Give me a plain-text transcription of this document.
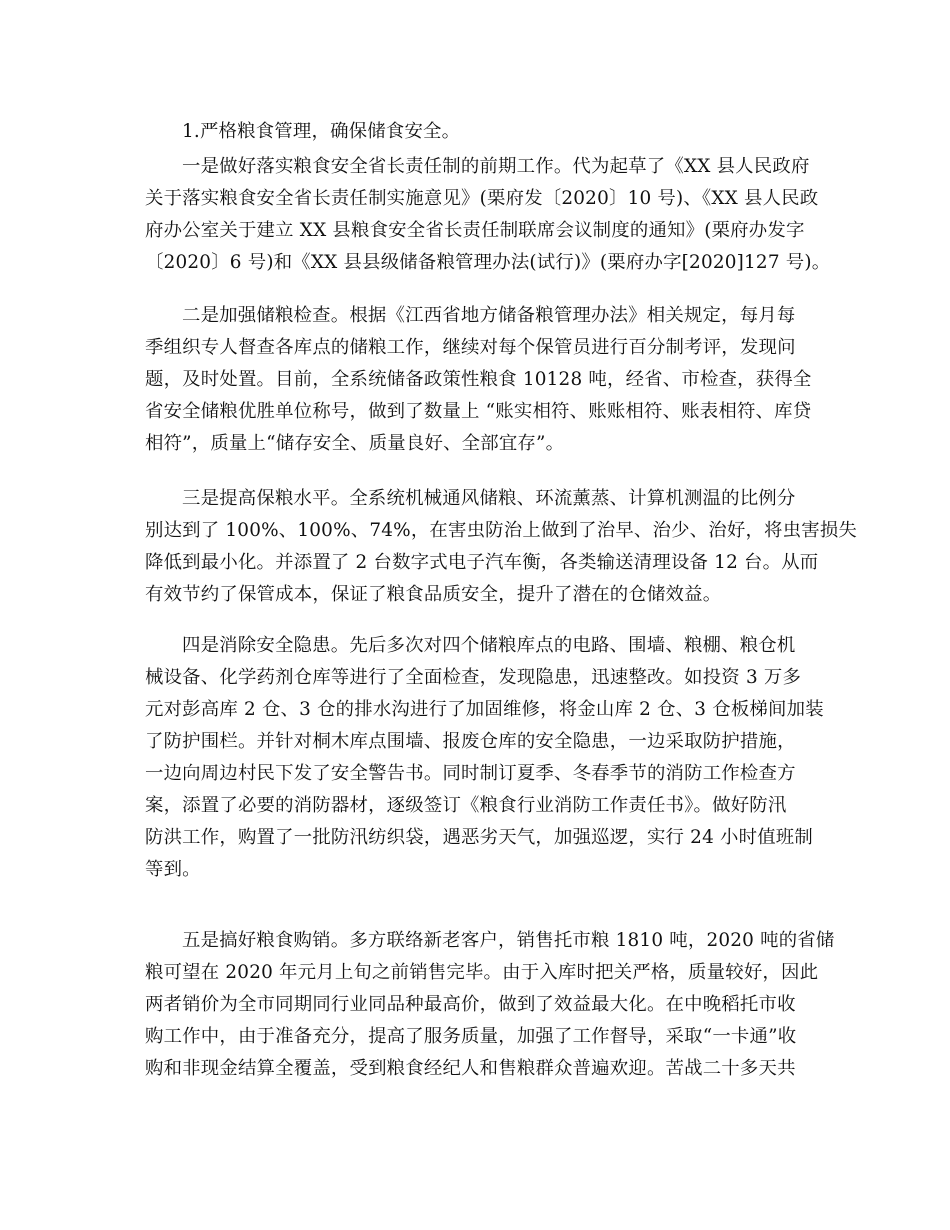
1.严格粮食管理，确保储食安全。
一是做好落实粮食安全省长责任制的前期工作。代为起草了《XX 县人民政府
关于落实粮食安全省长责任制实施意见》(栗府发〔2020〕10 号)、《XX 县人民政
府办公室关于建立 XX 县粮食安全省长责任制联席会议制度的通知》(栗府办发字
〔2020〕6 号)和《XX 县县级储备粮管理办法(试行)》(栗府办字[2020]127 号)。
二是加强储粮检查。根据《江西省地方储备粮管理办法》相关规定，每月每
季组织专人督查各库点的储粮工作，继续对每个保管员进行百分制考评，发现问
题，及时处置。目前，全系统储备政策性粮食 10128 吨，经省、市检查，获得全
省安全储粮优胜单位称号，做到了数量上 “账实相符、账账相符、账表相符、库贷
相符”，质量上“储存安全、质量良好、全部宜存”。
三是提高保粮水平。全系统机械通风储粮、环流薰蒸、计算机测温的比例分
别达到了 100%、100%、74%，在害虫防治上做到了治早、治少、治好，将虫害损失
降低到最小化。并添置了 2 台数字式电子汽车衡，各类输送清理设备 12 台。从而
有效节约了保管成本，保证了粮食品质安全，提升了潜在的仓储效益。
四是消除安全隐患。先后多次对四个储粮库点的电路、围墙、粮棚、粮仓机
械设备、化学药剂仓库等进行了全面检查，发现隐患，迅速整改。如投资 3 万多
元对彭高库 2 仓、3 仓的排水沟进行了加固维修，将金山库 2 仓、3 仓板梯间加装
了防护围栏。并针对桐木库点围墙、报废仓库的安全隐患，一边采取防护措施，
一边向周边村民下发了安全警告书。同时制订夏季、冬春季节的消防工作检查方
案，添置了必要的消防器材，逐级签订《粮食行业消防工作责任书》。做好防汛
防洪工作，购置了一批防汛纺织袋，遇恶劣天气，加强巡逻，实行 24 小时值班制
等到。
五是搞好粮食购销。多方联络新老客户，销售托市粮 1810 吨，2020 吨的省储
粮可望在 2020 年元月上旬之前销售完毕。由于入库时把关严格，质量较好，因此
两者销价为全市同期同行业同品种最高价，做到了效益最大化。在中晚稻托市收
购工作中，由于准备充分，提高了服务质量，加强了工作督导，采取“一卡通”收
购和非现金结算全覆盖，受到粮食经纪人和售粮群众普遍欢迎。苦战二十多天共
